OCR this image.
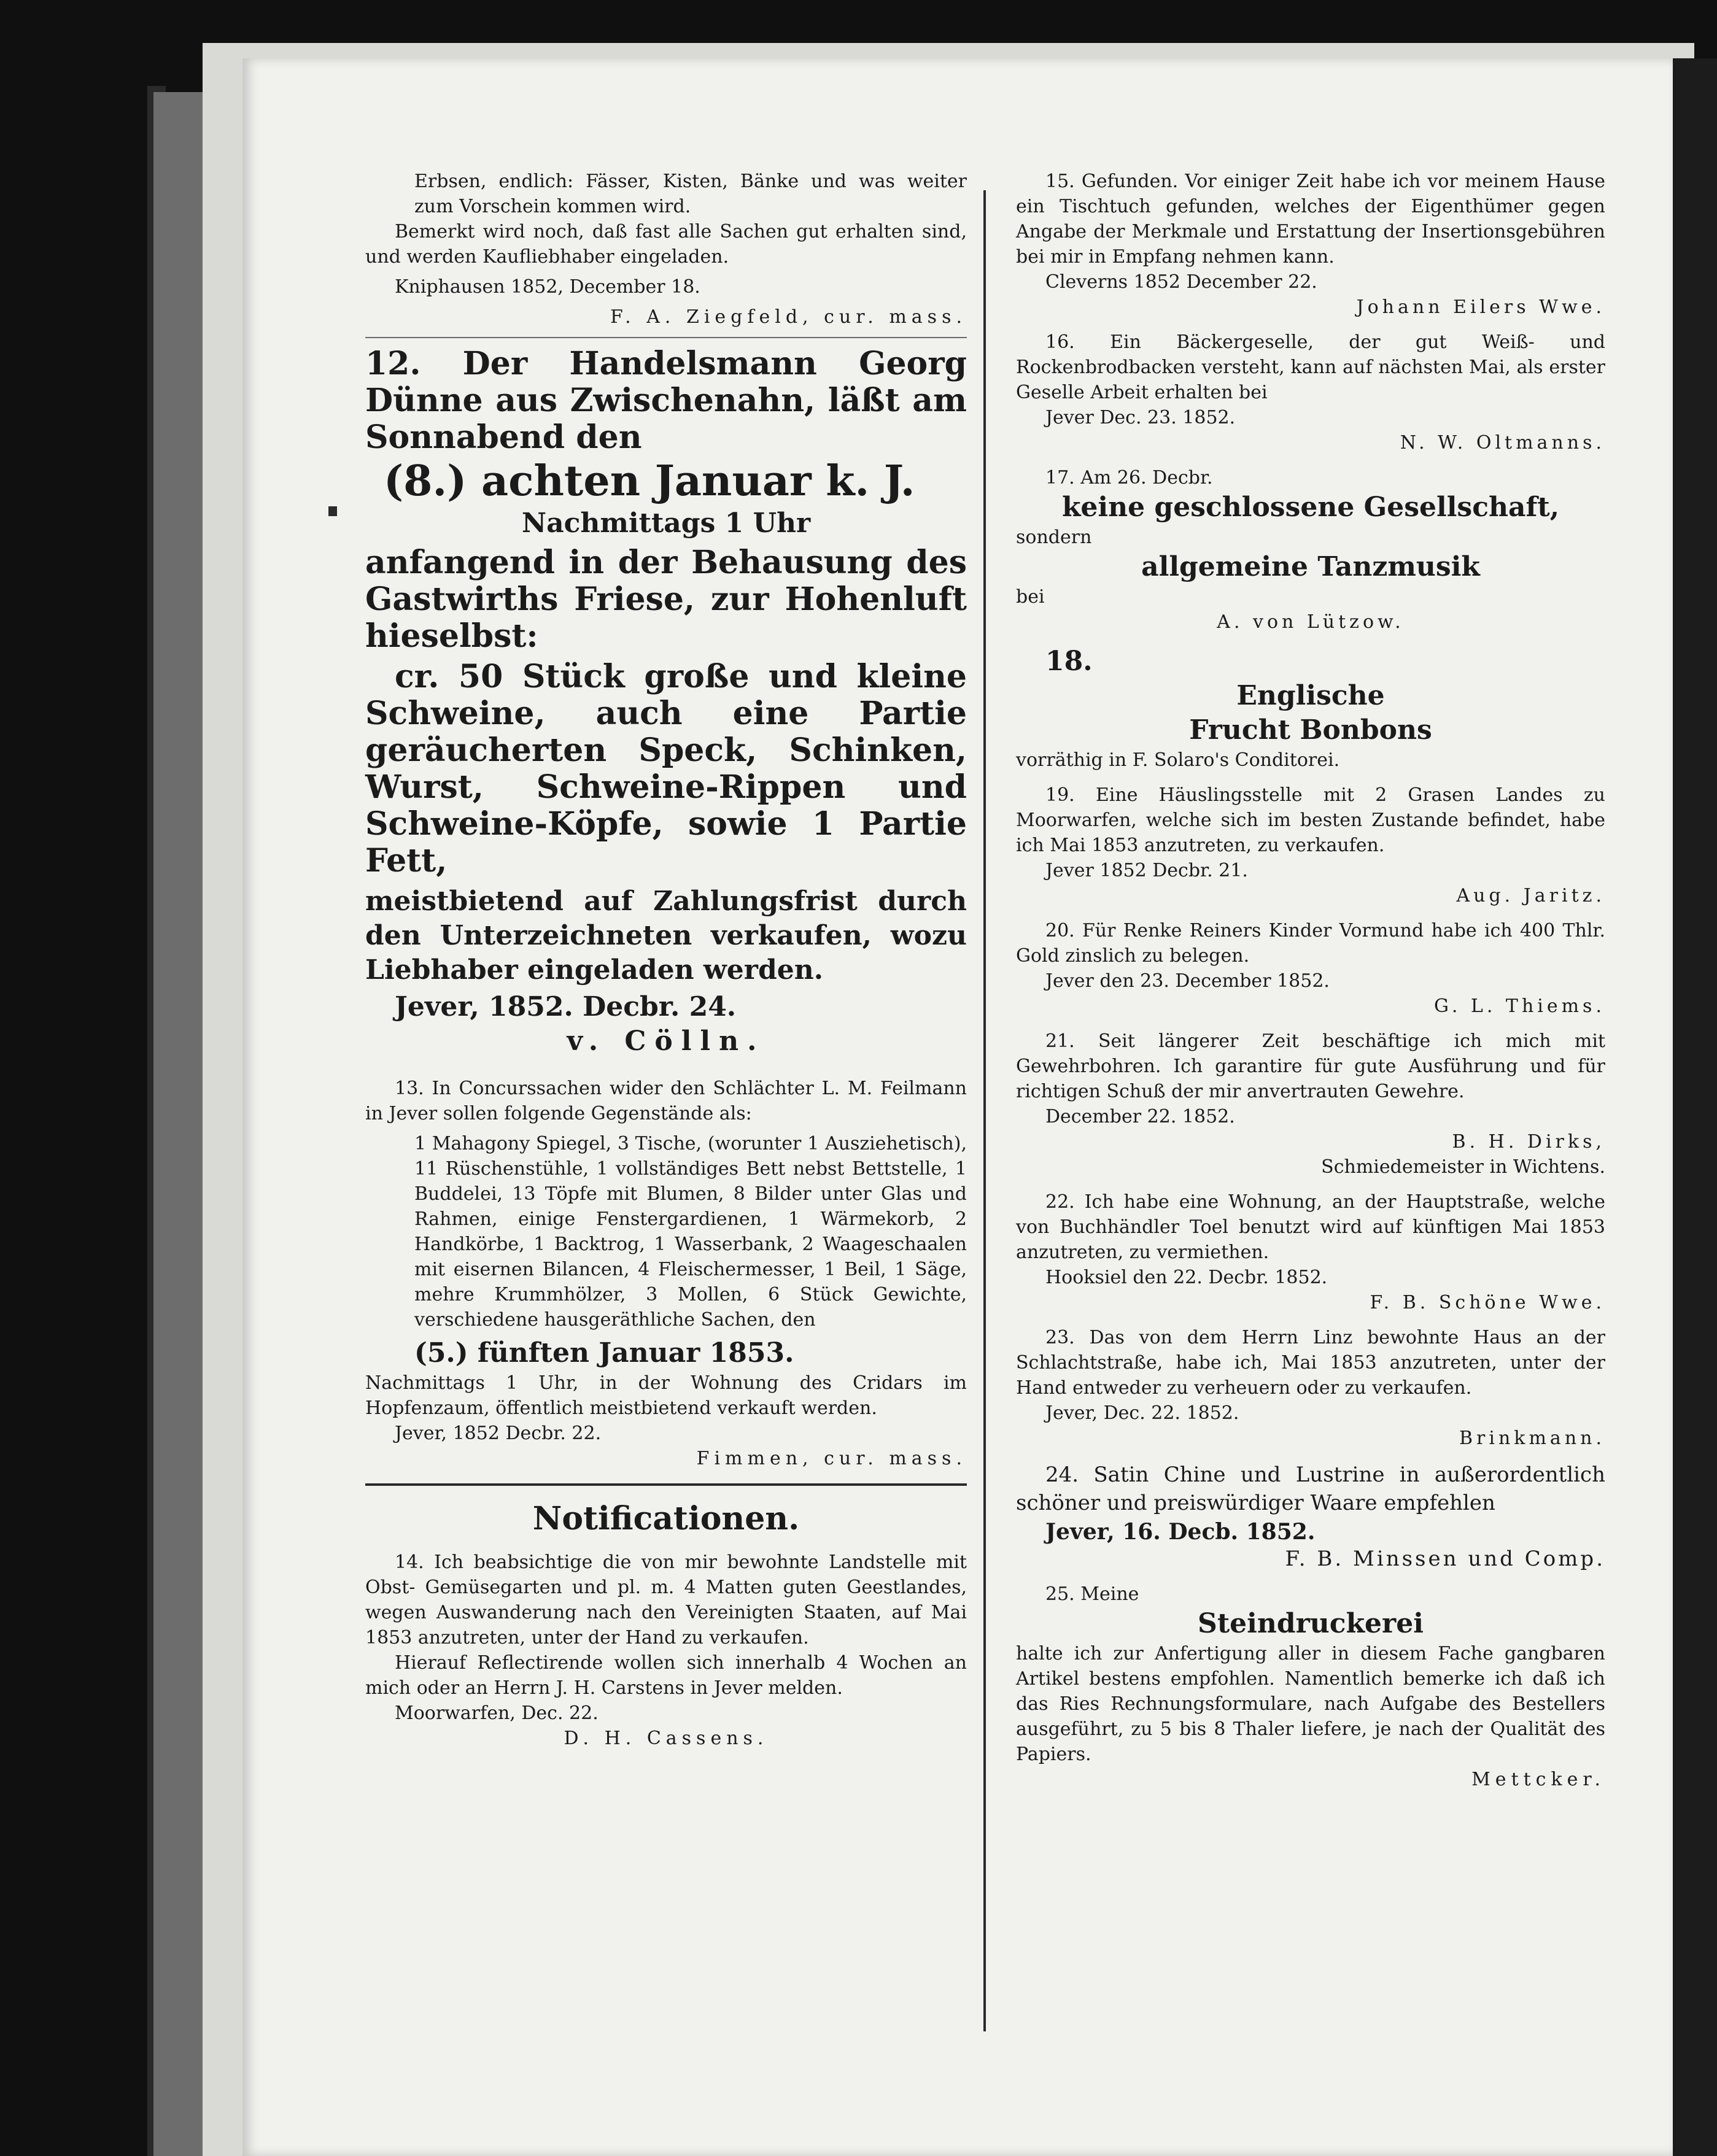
Erbsen, endlich: Fässer, Kisten, Bänke und was weiter zum Vorschein kommen wird.

Bemerkt wird noch, daß fast alle Sachen gut erhalten sind, und werden Kaufliebhaber eingeladen.

Kniphausen 1852, December 18.

F. A. Ziegfeld, cur. mass.

12. Der Handelsmann Georg Dünne aus Zwischenahn, läßt am Sonnabend den

(8.) achten Januar k. J.

Nachmittags 1 Uhr

anfangend in der Behausung des Gastwirths Friese, zur Hohenluft hieselbst:

cr. 50 Stück große und kleine Schweine, auch eine Partie geräucherten Speck, Schinken, Wurst, Schweine-Rippen und Schweine-Köpfe, sowie 1 Partie Fett,

meistbietend auf Zahlungsfrist durch den Unterzeichneten verkaufen, wozu Liebhaber eingeladen werden.

Jever, 1852. Decbr. 24.

v. Cölln.

13. In Concurssachen wider den Schlächter L. M. Feilmann in Jever sollen folgende Gegenstände als:

1 Mahagony Spiegel, 3 Tische, (worunter 1 Ausziehetisch), 11 Rüschenstühle, 1 vollständiges Bett nebst Bettstelle, 1 Buddelei, 13 Töpfe mit Blumen, 8 Bilder unter Glas und Rahmen, einige Fenstergardienen, 1 Wärmekorb, 2 Handkörbe, 1 Backtrog, 1 Wasserbank, 2 Waageschaalen mit eisernen Bilancen, 4 Fleischermesser, 1 Beil, 1 Säge, mehre Krummhölzer, 3 Mollen, 6 Stück Gewichte, verschiedene hausgeräthliche Sachen, den

(5.) fünften Januar 1853.

Nachmittags 1 Uhr, in der Wohnung des Cridars im Hopfenzaum, öffentlich meistbietend verkauft werden.

Jever, 1852 Decbr. 22.

Fimmen, cur. mass.

Notificationen.

14. Ich beabsichtige die von mir bewohnte Landstelle mit Obst- Gemüsegarten und pl. m. 4 Matten guten Geestlandes, wegen Auswanderung nach den Vereinigten Staaten, auf Mai 1853 anzutreten, unter der Hand zu verkaufen.

Hierauf Reflectirende wollen sich innerhalb 4 Wochen an mich oder an Herrn J. H. Carstens in Jever melden.

Moorwarfen, Dec. 22.

D. H. Cassens.

15. Gefunden. Vor einiger Zeit habe ich vor meinem Hause ein Tischtuch gefunden, welches der Eigenthümer gegen Angabe der Merkmale und Erstattung der Insertionsgebühren bei mir in Empfang nehmen kann.

Cleverns 1852 December 22.

Johann Eilers Wwe.

16. Ein Bäckergeselle, der gut Weiß- und Rockenbrodbacken versteht, kann auf nächsten Mai, als erster Geselle Arbeit erhalten bei

Jever Dec. 23. 1852.

N. W. Oltmanns.

17. Am 26. Decbr.

keine geschlossene Gesellschaft,

sondern

allgemeine Tanzmusik

bei

A. von Lützow.

18.

Englische

Frucht Bonbons

vorräthig in F. Solaro's Conditorei.

19. Eine Häuslingsstelle mit 2 Grasen Landes zu Moorwarfen, welche sich im besten Zustande befindet, habe ich Mai 1853 anzutreten, zu verkaufen.

Jever 1852 Decbr. 21.

Aug. Jaritz.

20. Für Renke Reiners Kinder Vormund habe ich 400 Thlr. Gold zinslich zu belegen.

Jever den 23. December 1852.

G. L. Thiems.

21. Seit längerer Zeit beschäftige ich mich mit Gewehrbohren. Ich garantire für gute Ausführung und für richtigen Schuß der mir anvertrauten Gewehre.

December 22. 1852.

B. H. Dirks,

Schmiedemeister in Wichtens.

22. Ich habe eine Wohnung, an der Hauptstraße, welche von Buchhändler Toel benutzt wird auf künftigen Mai 1853 anzutreten, zu vermiethen.

Hooksiel den 22. Decbr. 1852.

F. B. Schöne Wwe.

23. Das von dem Herrn Linz bewohnte Haus an der Schlachtstraße, habe ich, Mai 1853 anzutreten, unter der Hand entweder zu verheuern oder zu verkaufen.

Jever, Dec. 22. 1852.

Brinkmann.

24. Satin Chine und Lustrine in außerordentlich schöner und preiswürdiger Waare empfehlen

Jever, 16. Decb. 1852.

F. B. Minssen und Comp.

25. Meine

Steindruckerei

halte ich zur Anfertigung aller in diesem Fache gangbaren Artikel bestens empfohlen. Namentlich bemerke ich daß ich das Ries Rechnungsformulare, nach Aufgabe des Bestellers ausgeführt, zu 5 bis 8 Thaler liefere, je nach der Qualität des Papiers.

Mettcker.
